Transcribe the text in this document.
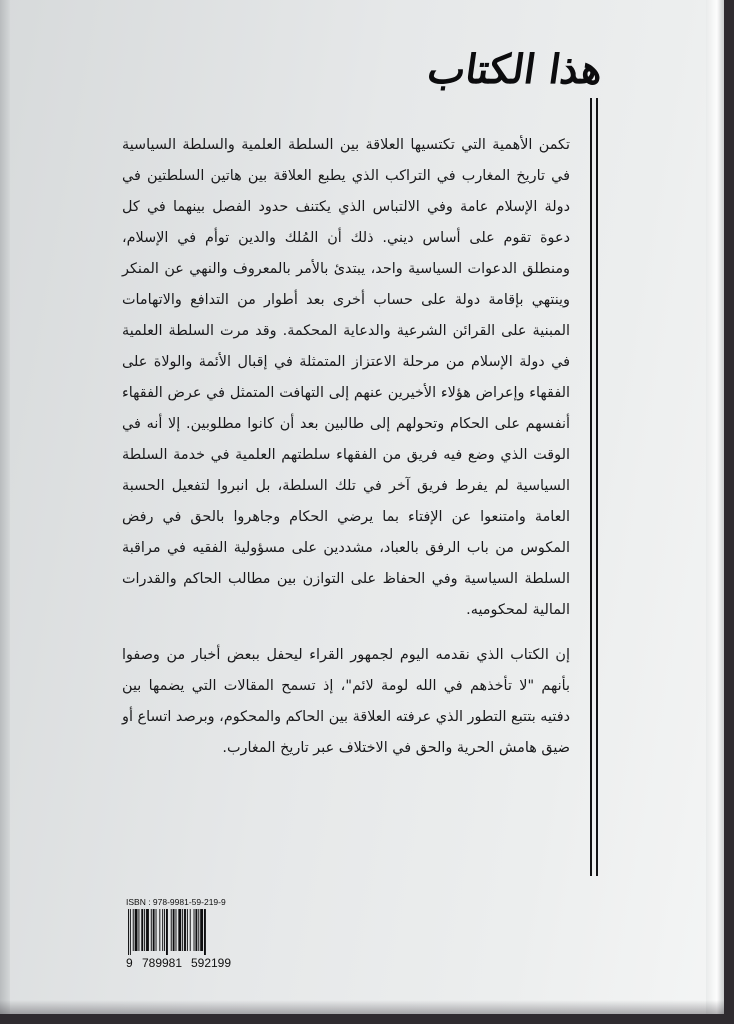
هذا الكتاب

تكمن الأهمية التي تكتسيها العلاقة بين السلطة العلمية والسلطة السياسية في تاريخ المغارب في التراكب الذي يطبع العلاقة بين هاتين السلطتين في دولة الإسلام عامة وفي الالتباس الذي يكتنف حدود الفصل بينهما في كل دعوة تقوم على أساس ديني. ذلك أن المُلك والدين توأم في الإسلام، ومنطلق الدعوات السياسية واحد، يبتدئ بالأمر بالمعروف والنهي عن المنكر وينتهي بإقامة دولة على حساب أخرى بعد أطوار من التدافع والاتهامات المبنية على القرائن الشرعية والدعاية المحكمة. وقد مرت السلطة العلمية في دولة الإسلام من مرحلة الاعتزاز المتمثلة في إقبال الأئمة والولاة على الفقهاء وإعراض هؤلاء الأخيرين عنهم إلى التهافت المتمثل في عرض الفقهاء أنفسهم على الحكام وتحولهم إلى طالبين بعد أن كانوا مطلوبين. إلا أنه في الوقت الذي وضع فيه فريق من الفقهاء سلطتهم العلمية في خدمة السلطة السياسية لم يفرط فريق آخر في تلك السلطة، بل انبروا لتفعيل الحسبة العامة وامتنعوا عن الإفتاء بما يرضي الحكام وجاهروا بالحق في رفض المكوس من باب الرفق بالعباد، مشددين على مسؤولية الفقيه في مراقبة السلطة السياسية وفي الحفاظ على التوازن بين مطالب الحاكم والقدرات المالية لمحكوميه.

إن الكتاب الذي نقدمه اليوم لجمهور القراء ليحفل ببعض أخبار من وصفوا بأنهم "لا تأخذهم في الله لومة لائم"، إذ تسمح المقالات التي يضمها بين دفتيه بتتبع التطور الذي عرفته العلاقة بين الحاكم والمحكوم، وبرصد اتساع أو ضيق هامش الحرية والحق في الاختلاف عبر تاريخ المغارب.

ISBN : 978-9981-59-219-9
9 789981 592199
